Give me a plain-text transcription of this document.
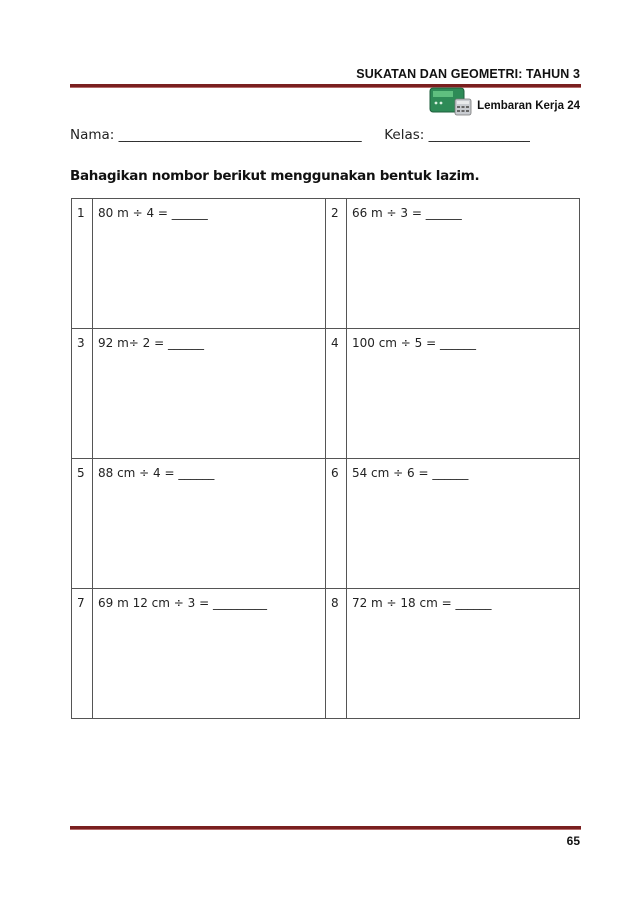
SUKATAN DAN GEOMETRI: TAHUN 3
Lembaran Kerja 24
Nama: ____________________________________ Kelas: _______________
Bahagikan nombor berikut menggunakan bentuk lazim.
1	80 m ÷ 4 = ______	2	66 m ÷ 3 = ______
3	92 m÷ 2 = ______	4	100 cm ÷ 5 = ______
5	88 cm ÷ 4 = ______	6	54 cm ÷ 6 = ______
7	69 m 12 cm ÷ 3 = _________	8	72 m ÷ 18 cm = ______
65
